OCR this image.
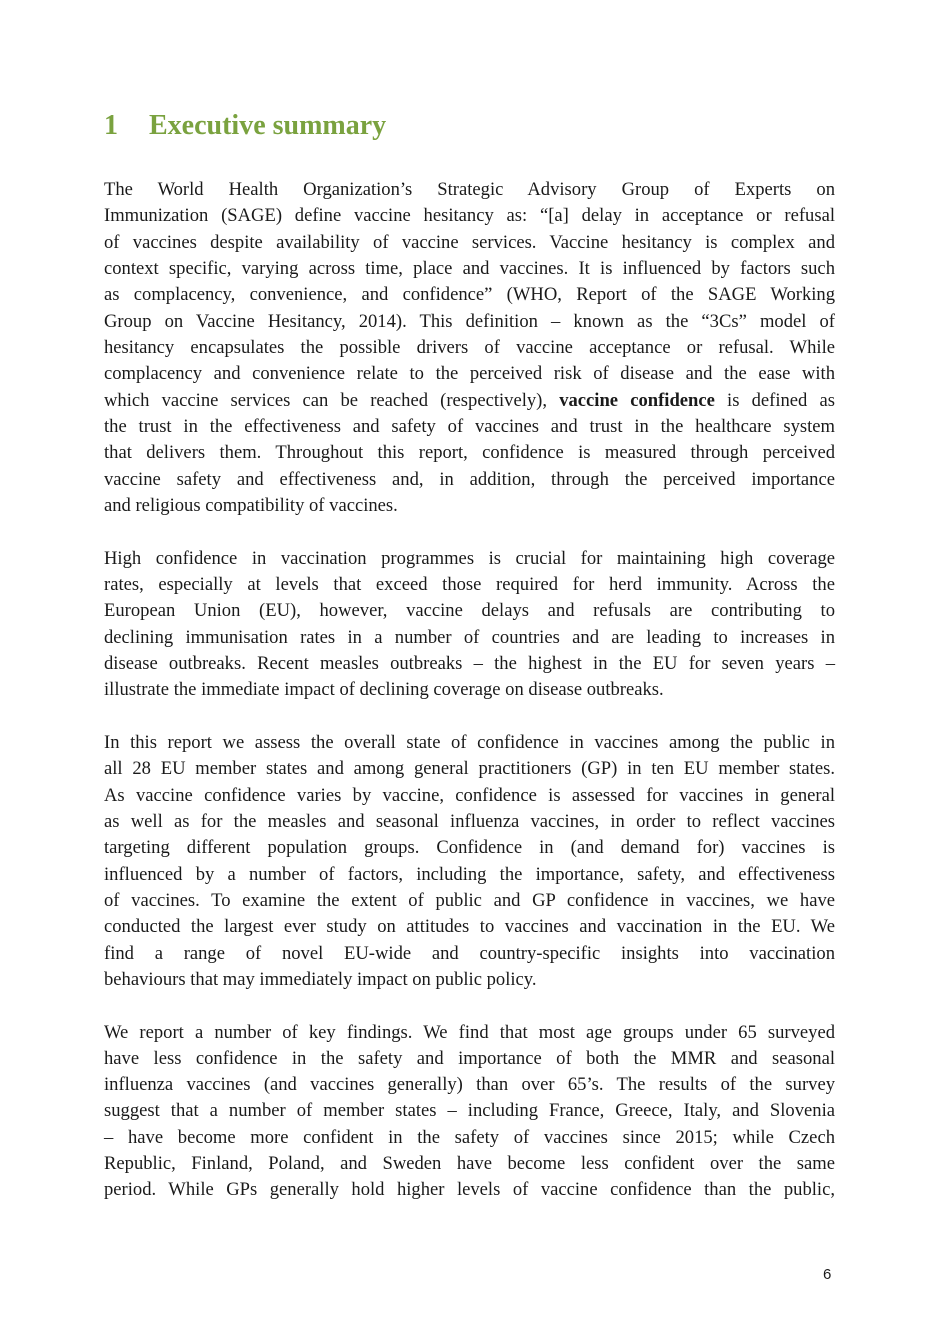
1 Executive summary

The World Health Organization’s Strategic Advisory Group of Experts on
Immunization (SAGE) define vaccine hesitancy as: “[a] delay in acceptance or refusal
of vaccines despite availability of vaccine services. Vaccine hesitancy is complex and
context specific, varying across time, place and vaccines. It is influenced by factors such
as complacency, convenience, and confidence” (WHO, Report of the SAGE Working
Group on Vaccine Hesitancy, 2014). This definition – known as the “3Cs” model of
hesitancy encapsulates the possible drivers of vaccine acceptance or refusal. While
complacency and convenience relate to the perceived risk of disease and the ease with
which vaccine services can be reached (respectively), vaccine confidence is defined as
the trust in the effectiveness and safety of vaccines and trust in the healthcare system
that delivers them. Throughout this report, confidence is measured through perceived
vaccine safety and effectiveness and, in addition, through the perceived importance
and religious compatibility of vaccines.

High confidence in vaccination programmes is crucial for maintaining high coverage
rates, especially at levels that exceed those required for herd immunity. Across the
European Union (EU), however, vaccine delays and refusals are contributing to
declining immunisation rates in a number of countries and are leading to increases in
disease outbreaks. Recent measles outbreaks – the highest in the EU for seven years –
illustrate the immediate impact of declining coverage on disease outbreaks.

In this report we assess the overall state of confidence in vaccines among the public in
all 28 EU member states and among general practitioners (GP) in ten EU member states.
As vaccine confidence varies by vaccine, confidence is assessed for vaccines in general
as well as for the measles and seasonal influenza vaccines, in order to reflect vaccines
targeting different population groups. Confidence in (and demand for) vaccines is
influenced by a number of factors, including the importance, safety, and effectiveness
of vaccines. To examine the extent of public and GP confidence in vaccines, we have
conducted the largest ever study on attitudes to vaccines and vaccination in the EU. We
find a range of novel EU-wide and country-specific insights into vaccination
behaviours that may immediately impact on public policy.

We report a number of key findings. We find that most age groups under 65 surveyed
have less confidence in the safety and importance of both the MMR and seasonal
influenza vaccines (and vaccines generally) than over 65’s. The results of the survey
suggest that a number of member states – including France, Greece, Italy, and Slovenia
– have become more confident in the safety of vaccines since 2015; while Czech
Republic, Finland, Poland, and Sweden have become less confident over the same
period. While GPs generally hold higher levels of vaccine confidence than the public,

6
